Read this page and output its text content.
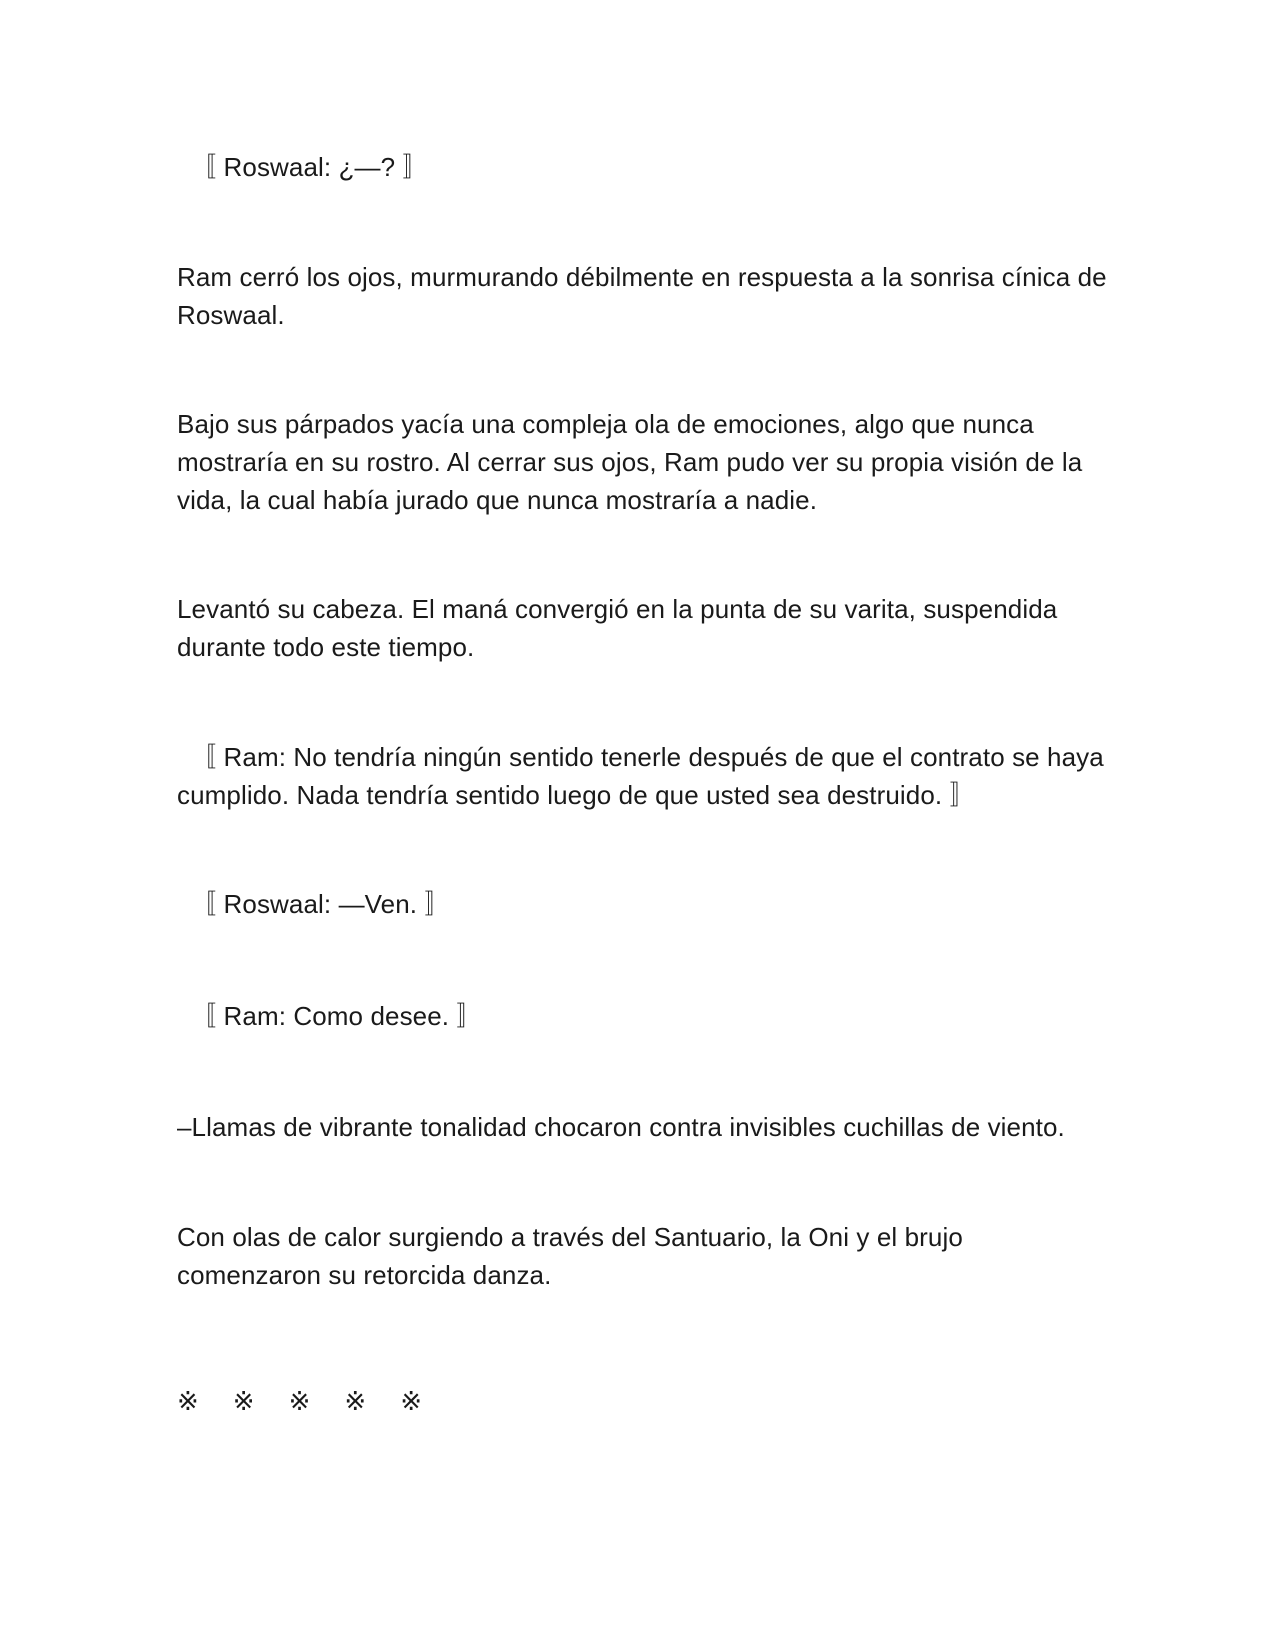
　〚 Roswaal: ¿—? 〛

Ram cerró los ojos, murmurando débilmente en respuesta a la sonrisa cínica de Roswaal.

Bajo sus párpados yacía una compleja ola de emociones, algo que nunca mostraría en su rostro. Al cerrar sus ojos, Ram pudo ver su propia visión de la vida, la cual había jurado que nunca mostraría a nadie.

Levantó su cabeza. El maná convergió en la punta de su varita, suspendida durante todo este tiempo.

　〚 Ram: No tendría ningún sentido tenerle después de que el contrato se haya cumplido. Nada tendría sentido luego de que usted sea destruido. 〛

　〚 Roswaal: —Ven. 〛

　〚 Ram: Como desee. 〛

–Llamas de vibrante tonalidad chocaron contra invisibles cuchillas de viento.

Con olas de calor surgiendo a través del Santuario, la Oni y el brujo comenzaron su retorcida danza.

※ ※ ※ ※ ※
